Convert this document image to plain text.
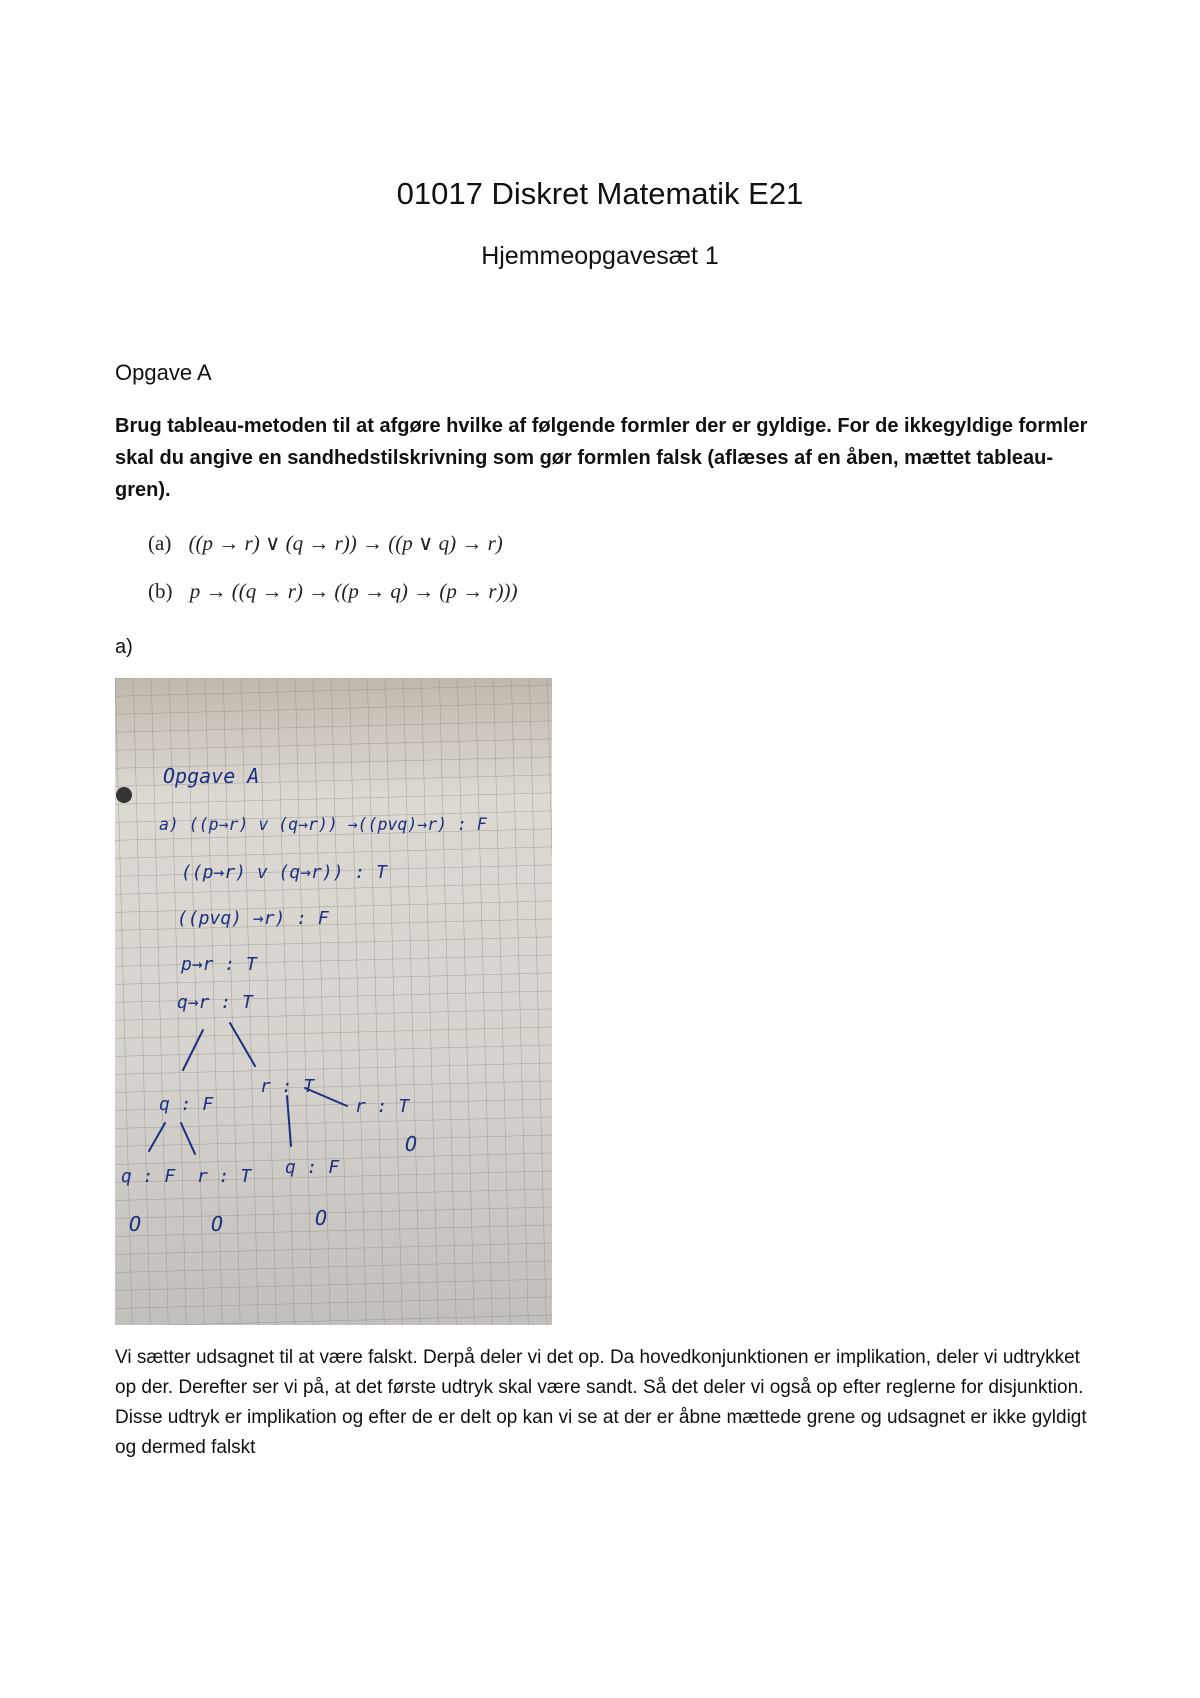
01017 Diskret Matematik E21
Hjemmeopgavesæt 1
Opgave A

Brug tableau-metoden til at afgøre hvilke af følgende formler der er gyldige. For de ikkegyldige formler skal du angive en sandhedstilskrivning som gør formlen falsk (aflæses af en åben, mættet tableau-gren).

(a) ((p → r) ∨ (q → r)) → ((p ∨ q) → r)
(b) p → ((q → r) → ((p → q) → (p → r)))

a)

Opgave A
a) ((p→r) v (q→r)) →((pvq)→r) : F
((p→r) v (q→r)) : T
((pvq) →r) : F
p→r : T
q→r : T
q : F
r : T
r : T
q : F r : T q : F
O
O	O	O

Vi sætter udsagnet til at være falskt. Derpå deler vi det op. Da hovedkonjunktionen er implikation, deler vi udtrykket op der. Derefter ser vi på, at det første udtryk skal være sandt. Så det deler vi også op efter reglerne for disjunktion. Disse udtryk er implikation og efter de er delt op kan vi se at der er åbne mættede grene og udsagnet er ikke gyldigt og dermed falskt
